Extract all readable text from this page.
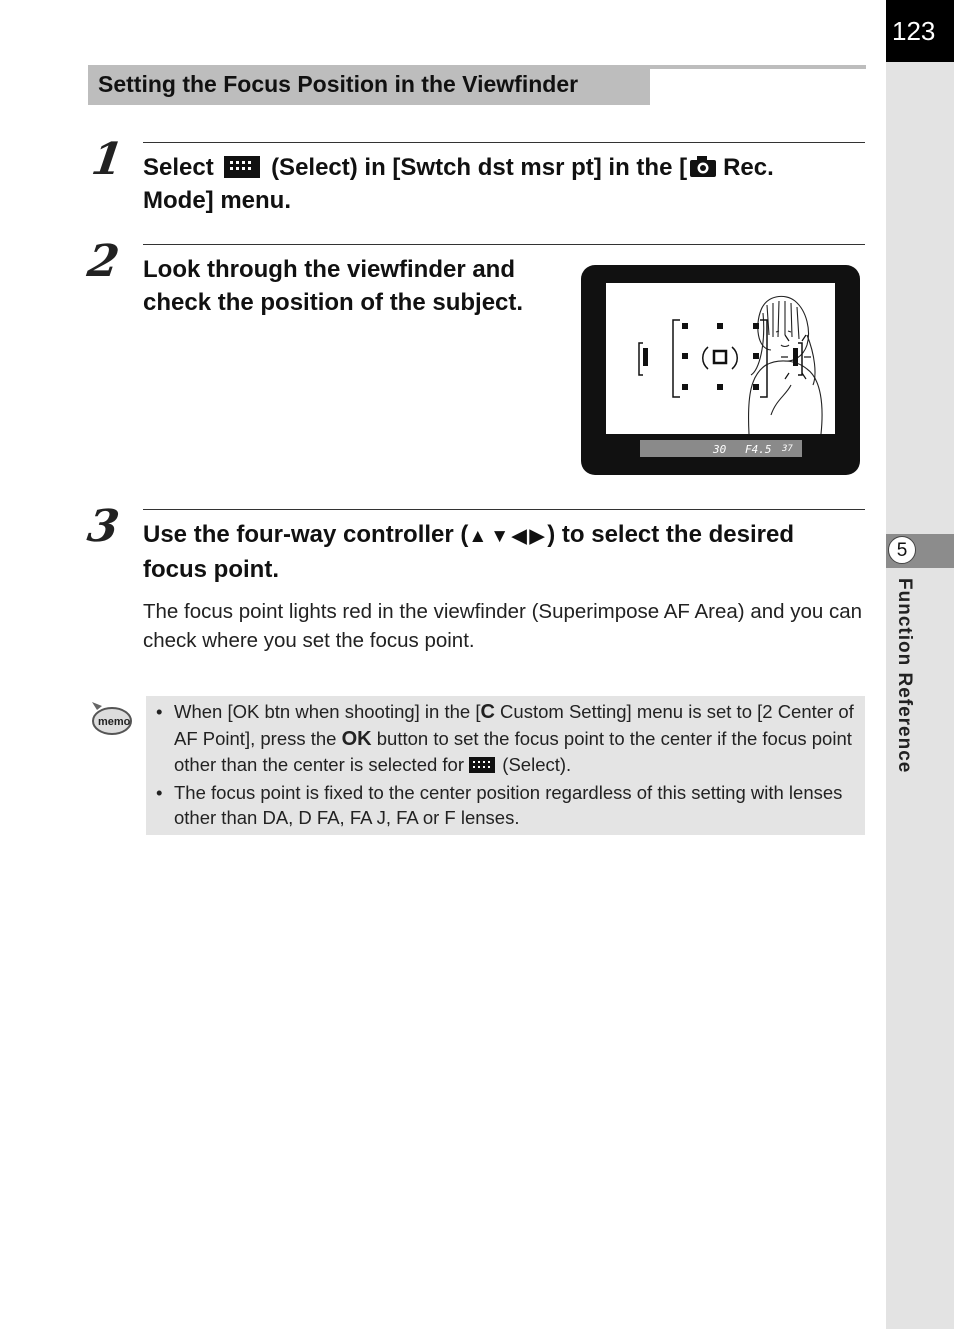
123
5
Function Reference
Setting the Focus Position in the Viewfinder
1 Select (Select) in [Swtch dst msr pt] in the [ Rec.
Mode] menu.
2 Look through the viewfinder and
check the position of the subject.
30 F4.5 37
3 Use the four-way controller (▲▼◀▶) to select the desired
focus point.
The focus point lights red in the viewfinder (Superimpose AF Area) and you can check where you set the focus point.
memo • When [OK btn when shooting] in the [C Custom Setting] menu is set to [2 Center of AF Point], press the OK button to set the focus point to the center if the focus point other than the center is selected for  (Select).
• The focus point is fixed to the center position regardless of this setting with lenses other than DA, D FA, FA J, FA or F lenses.
